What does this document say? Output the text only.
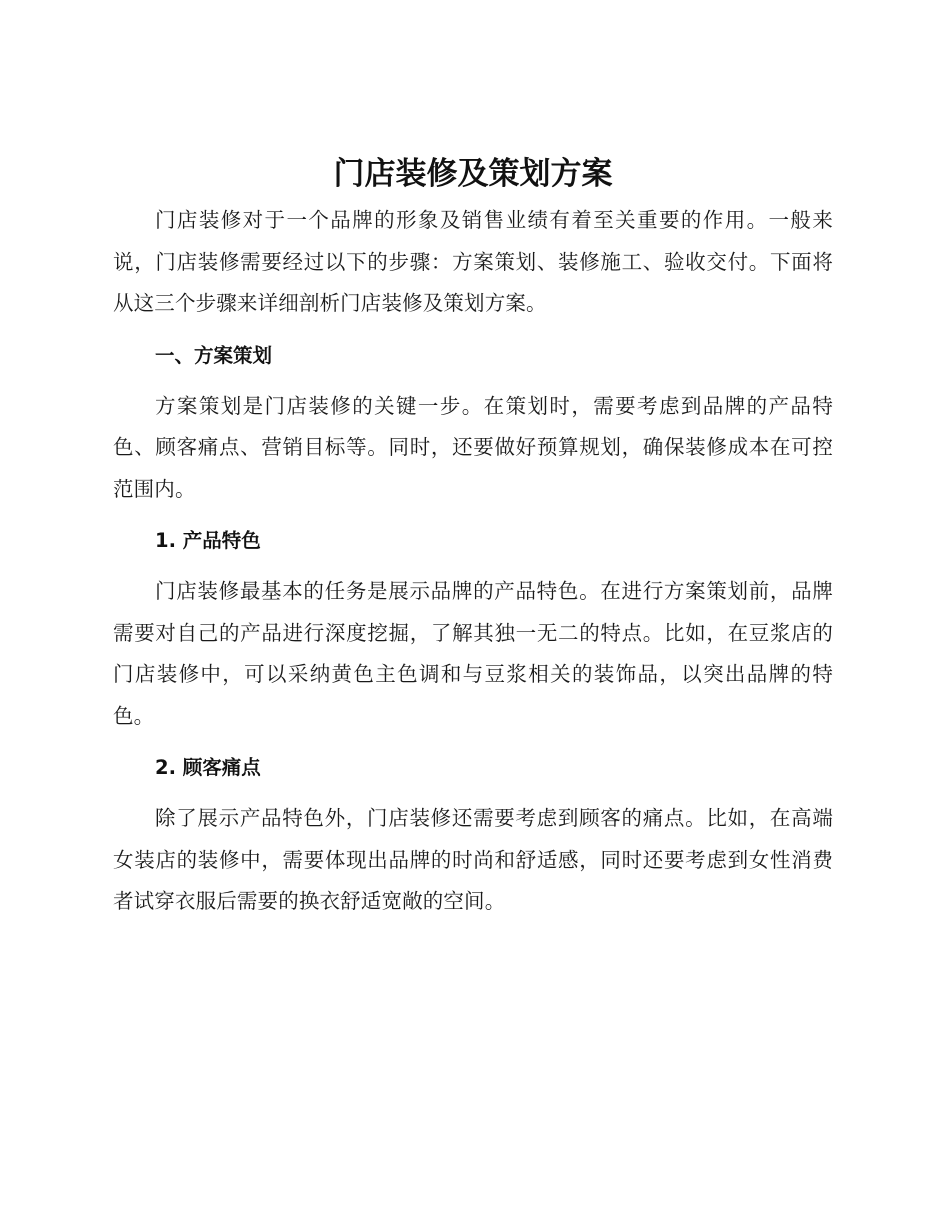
门店装修及策划方案

门店装修对于一个品牌的形象及销售业绩有着至关重要的作用。一般来说，门店装修需要经过以下的步骤：方案策划、装修施工、验收交付。下面将从这三个步骤来详细剖析门店装修及策划方案。

一、方案策划

方案策划是门店装修的关键一步。在策划时，需要考虑到品牌的产品特色、顾客痛点、营销目标等。同时，还要做好预算规划，确保装修成本在可控范围内。

1. 产品特色

门店装修最基本的任务是展示品牌的产品特色。在进行方案策划前，品牌需要对自己的产品进行深度挖掘，了解其独一无二的特点。比如，在豆浆店的门店装修中，可以采纳黄色主色调和与豆浆相关的装饰品，以突出品牌的特色。

2. 顾客痛点

除了展示产品特色外，门店装修还需要考虑到顾客的痛点。比如，在高端女装店的装修中，需要体现出品牌的时尚和舒适感，同时还要考虑到女性消费者试穿衣服后需要的换衣舒适宽敞的空间。
